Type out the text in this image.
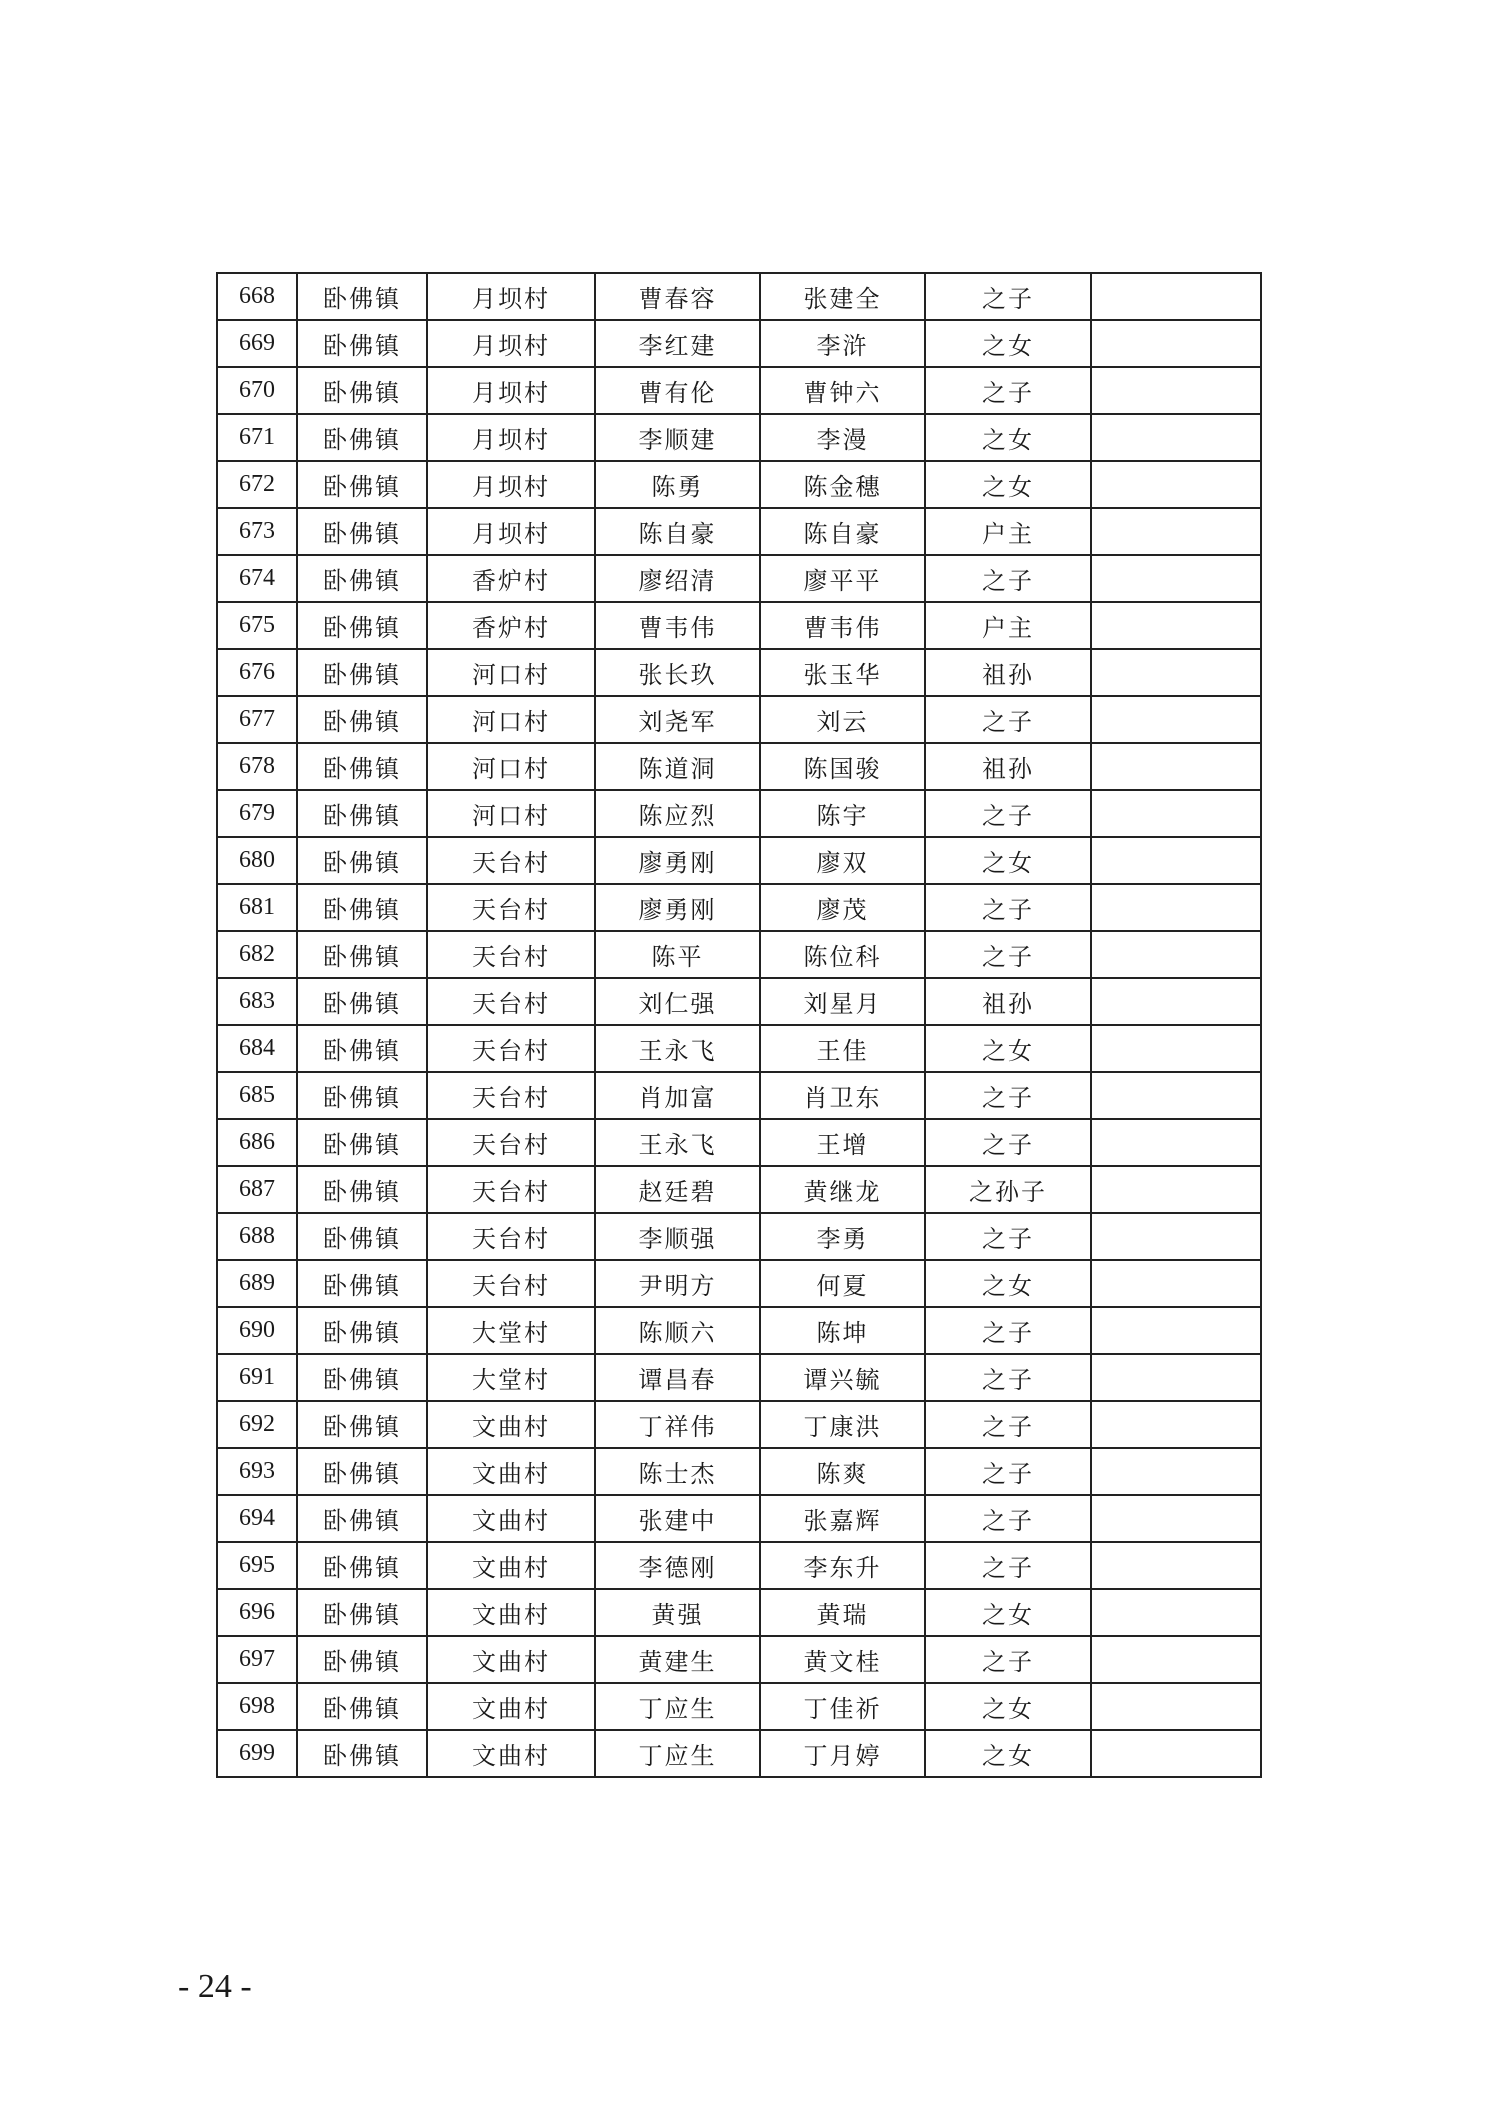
668	卧佛镇	月坝村	曹春容	张建全	之子	
669	卧佛镇	月坝村	李红建	李浒	之女	
670	卧佛镇	月坝村	曹有伦	曹钟六	之子	
671	卧佛镇	月坝村	李顺建	李漫	之女	
672	卧佛镇	月坝村	陈勇	陈金穗	之女	
673	卧佛镇	月坝村	陈自豪	陈自豪	户主	
674	卧佛镇	香炉村	廖绍清	廖平平	之子	
675	卧佛镇	香炉村	曹韦伟	曹韦伟	户主	
676	卧佛镇	河口村	张长玖	张玉华	祖孙	
677	卧佛镇	河口村	刘尧军	刘云	之子	
678	卧佛镇	河口村	陈道洞	陈国骏	祖孙	
679	卧佛镇	河口村	陈应烈	陈宇	之子	
680	卧佛镇	天台村	廖勇刚	廖双	之女	
681	卧佛镇	天台村	廖勇刚	廖茂	之子	
682	卧佛镇	天台村	陈平	陈位科	之子	
683	卧佛镇	天台村	刘仁强	刘星月	祖孙	
684	卧佛镇	天台村	王永飞	王佳	之女	
685	卧佛镇	天台村	肖加富	肖卫东	之子	
686	卧佛镇	天台村	王永飞	王增	之子	
687	卧佛镇	天台村	赵廷碧	黄继龙	之孙子	
688	卧佛镇	天台村	李顺强	李勇	之子	
689	卧佛镇	天台村	尹明方	何夏	之女	
690	卧佛镇	大堂村	陈顺六	陈坤	之子	
691	卧佛镇	大堂村	谭昌春	谭兴毓	之子	
692	卧佛镇	文曲村	丁祥伟	丁康洪	之子	
693	卧佛镇	文曲村	陈士杰	陈爽	之子	
694	卧佛镇	文曲村	张建中	张嘉辉	之子	
695	卧佛镇	文曲村	李德刚	李东升	之子	
696	卧佛镇	文曲村	黄强	黄瑞	之女	
697	卧佛镇	文曲村	黄建生	黄文桂	之子	
698	卧佛镇	文曲村	丁应生	丁佳祈	之女	
699	卧佛镇	文曲村	丁应生	丁月婷	之女	
- 24 -
